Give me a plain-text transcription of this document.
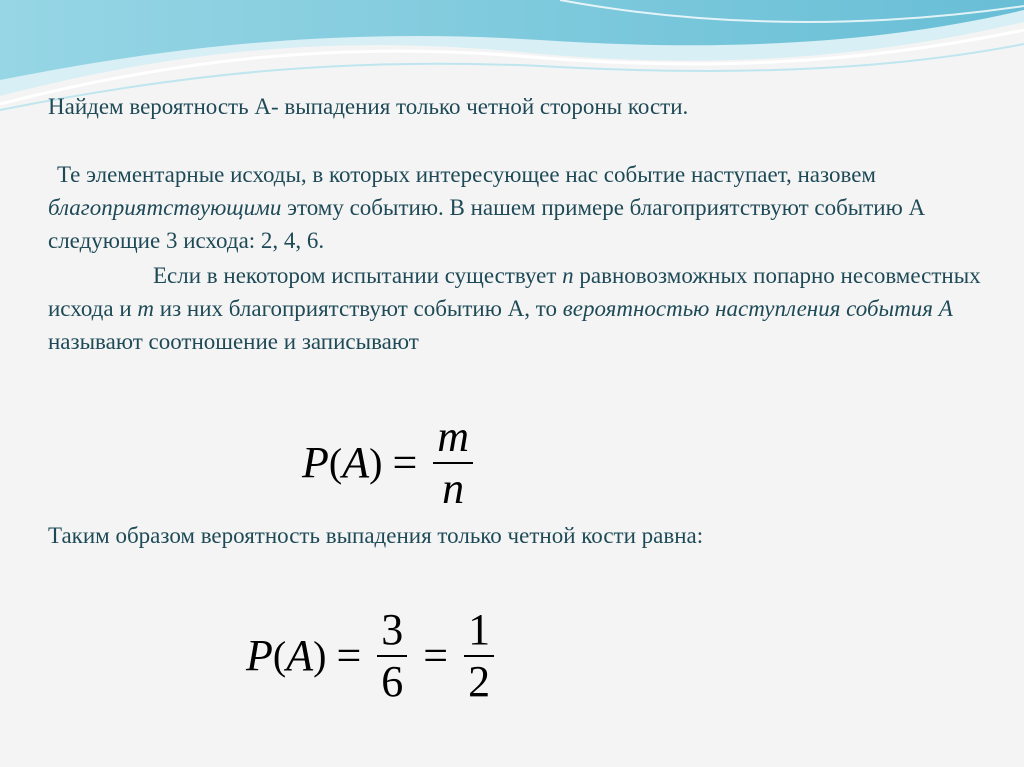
Найдем вероятность А- выпадения только четной стороны кости.

Те элементарные исходы, в которых интересующее нас событие наступает, назовем благоприятствующими этому событию. В нашем примере благоприятствуют событию А следующие 3 исхода: 2, 4, 6.

Если в некотором испытании существует n равновозможных попарно несовместных исхода и m из них благоприятствуют событию А, то вероятностью наступления события А называют соотношение и записывают

P ( A ) = $\frac{m}{n}$

Таким образом вероятность выпадения только четной кости равна:

P ( A ) = $\frac{3}{6} = \frac{1}{2}$
